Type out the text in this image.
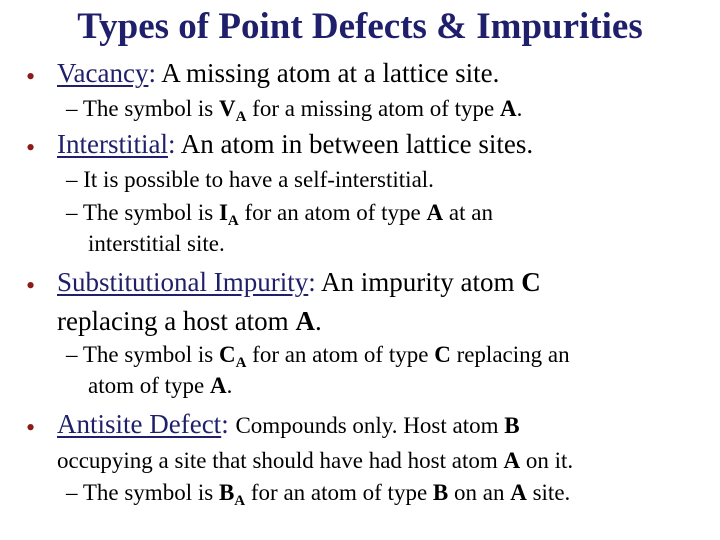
Types of Point Defects & Impurities
• Vacancy: A missing atom at a lattice site.
– The symbol is $V_A$ for a missing atom of type A.
• Interstitial: An atom in between lattice sites.
– It is possible to have a self-interstitial.
– The symbol is $I_A$ for an atom of type A at an
interstitial site.
• Substitutional Impurity: An impurity atom C
replacing a host atom A.
– The symbol is $C_A$ for an atom of type C replacing an
atom of type A.
• Antisite Defect: Compounds only. Host atom B
occupying a site that should have had host atom A on it.
– The symbol is $B_A$ for an atom of type B on an A site.
